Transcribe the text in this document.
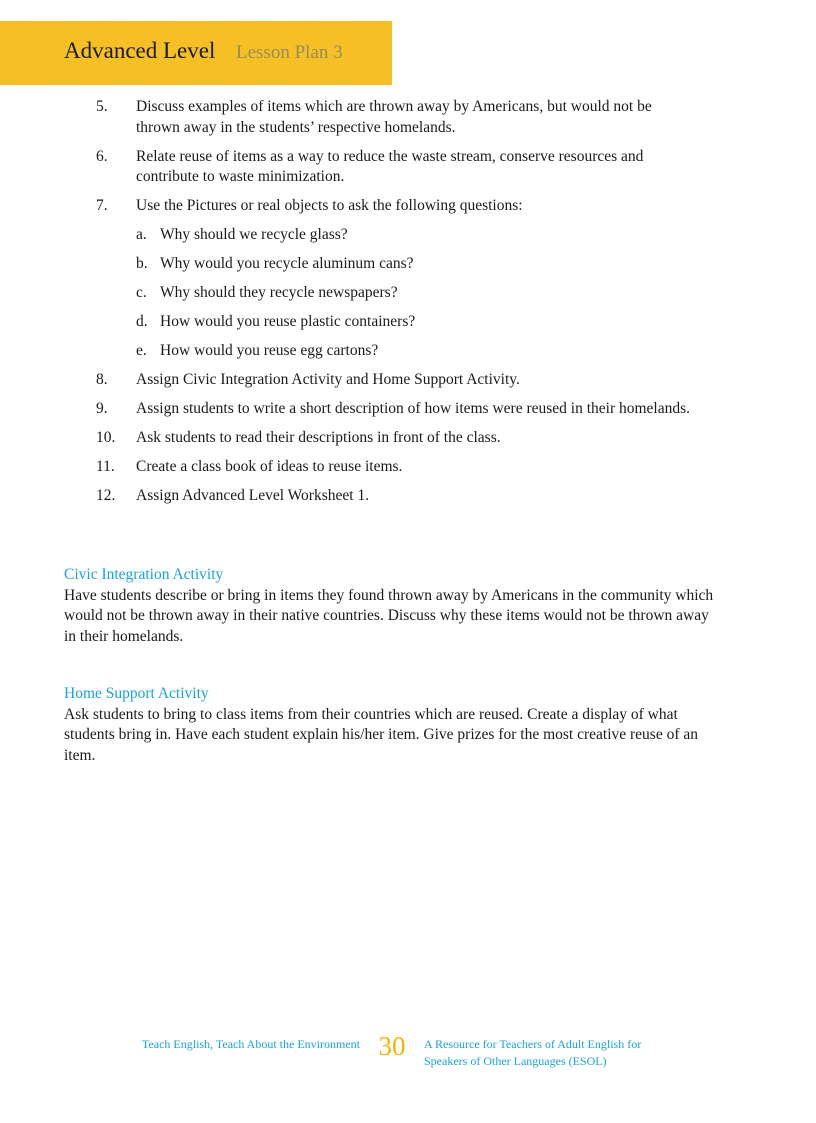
Advanced Level Lesson Plan 3
5. Discuss examples of items which are thrown away by Americans, but would not be thrown away in the students’ respective homelands.
6. Relate reuse of items as a way to reduce the waste stream, conserve resources and contribute to waste minimization.
7. Use the Pictures or real objects to ask the following questions:
a. Why should we recycle glass?
b. Why would you recycle aluminum cans?
c. Why should they recycle newspapers?
d. How would you reuse plastic containers?
e. How would you reuse egg cartons?
8. Assign Civic Integration Activity and Home Support Activity.
9. Assign students to write a short description of how items were reused in their homelands.
10. Ask students to read their descriptions in front of the class.
11. Create a class book of ideas to reuse items.
12. Assign Advanced Level Worksheet 1.
Civic Integration Activity
Have students describe or bring in items they found thrown away by Americans in the community which would not be thrown away in their native countries. Discuss why these items would not be thrown away in their homelands.
Home Support Activity
Ask students to bring to class items from their countries which are reused. Create a display of what students bring in. Have each student explain his/her item. Give prizes for the most creative reuse of an item.
Teach English, Teach About the Environment 30	A Resource for Teachers of Adult English for Speakers of Other Languages (ESOL)
